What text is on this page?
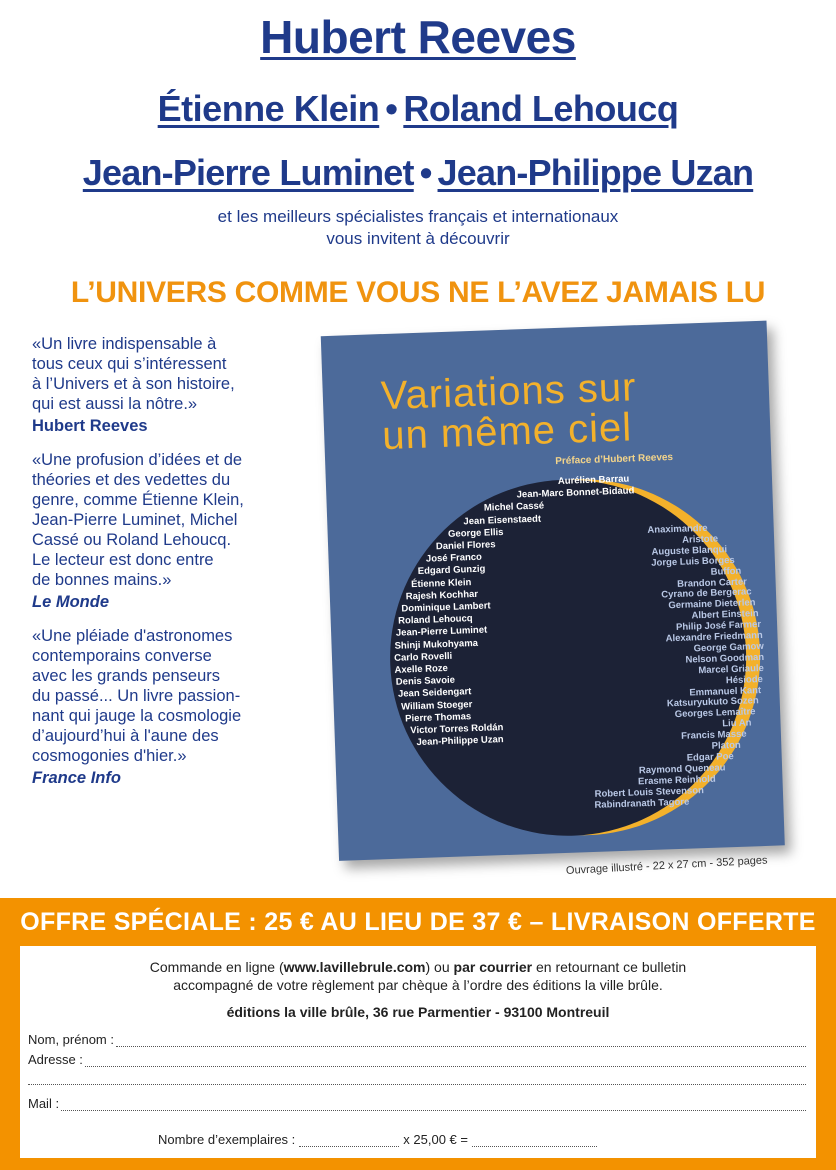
Hubert Reeves
Étienne Klein • Roland Lehoucq
Jean-Pierre Luminet • Jean-Philippe Uzan
et les meilleurs spécialistes français et internationaux
vous invitent à découvrir
L’UNIVERS COMME VOUS NE L’AVEZ JAMAIS LU
«Un livre indispensable à
tous ceux qui s’intéressent
à l’Univers et à son histoire,
qui est aussi la nôtre.»
Hubert Reeves
«Une profusion d’idées et de
théories et des vedettes du
genre, comme Étienne Klein,
Jean-Pierre Luminet, Michel
Cassé ou Roland Lehoucq.
Le lecteur est donc entre
de bonnes mains.»
Le Monde
«Une pléiade d'astronomes
contemporains converse
avec les grands penseurs
du passé... Un livre passion-
nant qui jauge la cosmologie
d’aujourd’hui à l'aune des
cosmogonies d'hier.»
France Info
Variations sur
un même ciel
Préface d’Hubert Reeves
Aurélien Barrau
Jean-Marc Bonnet-Bidaud
Michel Cassé
Jean Eisenstaedt
George Ellis
Daniel Flores
José Franco
Edgard Gunzig
Étienne Klein
Rajesh Kochhar
Dominique Lambert
Roland Lehoucq
Jean-Pierre Luminet
Shinji Mukohyama
Carlo Rovelli
Axelle Roze
Denis Savoie
Jean Seidengart
William Stoeger
Pierre Thomas
Victor Torres Roldán
Jean-Philippe Uzan
Anaximandre
Aristote
Auguste Blanqui
Jorge Luis Borges
Buffon
Brandon Carter
Cyrano de Bergerac
Germaine Dieterlen
Albert Einstein
Philip José Farmer
Alexandre Friedmann
George Gamow
Nelson Goodman
Marcel Griaule
Hésiode
Emmanuel Kant
Katsuryukuto Sozen
Georges Lemaître
Liu An
Francis Masse
Platon
Edgar Poe
Raymond Queneau
Erasme Reinhold
Robert Louis Stevenson
Rabindranath Tagore
Ouvrage illustré - 22 x 27 cm - 352 pages
OFFRE SPÉCIALE : 25 € AU LIEU DE 37 € – LIVRAISON OFFERTE
Commande en ligne (www.lavillebrule.com) ou par courrier en retournant ce bulletin
accompagné de votre règlement par chèque à l’ordre des éditions la ville brûle.
éditions la ville brûle, 36 rue Parmentier - 93100 Montreuil
Nom, prénom :
Adresse :
Mail :
Nombre d’exemplaires :	x 25,00 € =
